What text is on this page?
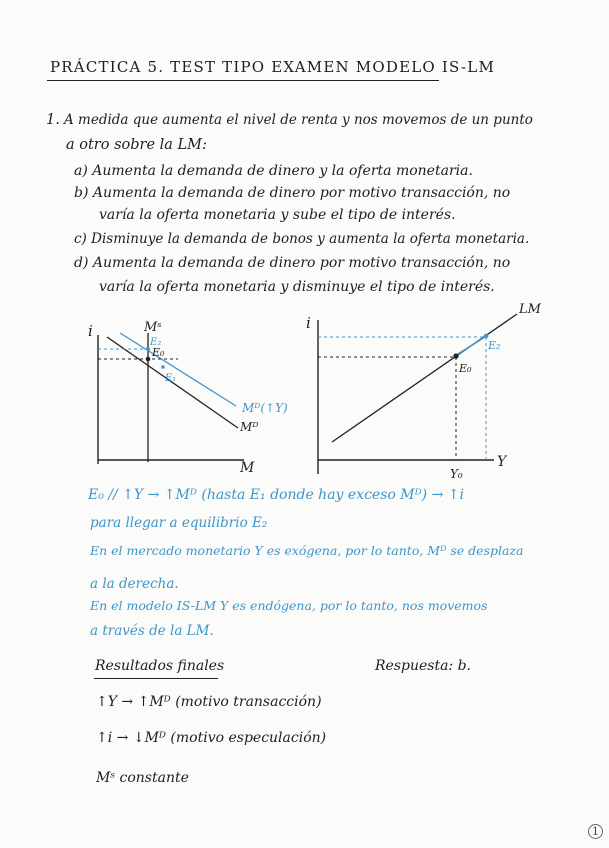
PRÁCTICA 5. TEST TIPO EXAMEN MODELO IS-LM
1. A medida que aumenta el nivel de renta y nos movemos de un punto
a otro sobre la LM:
a) Aumenta la demanda de dinero y la oferta monetaria.
b) Aumenta la demanda de dinero por motivo transacción, no
varía la oferta monetaria y sube el tipo de interés.
c) Disminuye la demanda de bonos y aumenta la oferta monetaria.
d) Aumenta la demanda de dinero por motivo transacción, no
varía la oferta monetaria y disminuye el tipo de interés.
i
M
Mˢ
E₂
E₀
E₁
Mᴰ(↑Y)
Mᴰ
i
Y
LM
E₀
E₂
Y₀
E₀ // ↑Y → ↑Mᴰ (hasta E₁ donde hay exceso Mᴰ) → ↑i
para llegar a equilibrio E₂
En el mercado monetario Y es exógena, por lo tanto, Mᴰ se desplaza
a la derecha.
En el modelo IS-LM Y es endógena, por lo tanto, nos movemos
a través de la LM.
Resultados finales	Respuesta: b.
↑Y → ↑Mᴰ (motivo transacción)
↑i → ↓Mᴰ (motivo especulación)
Mˢ constante
1
